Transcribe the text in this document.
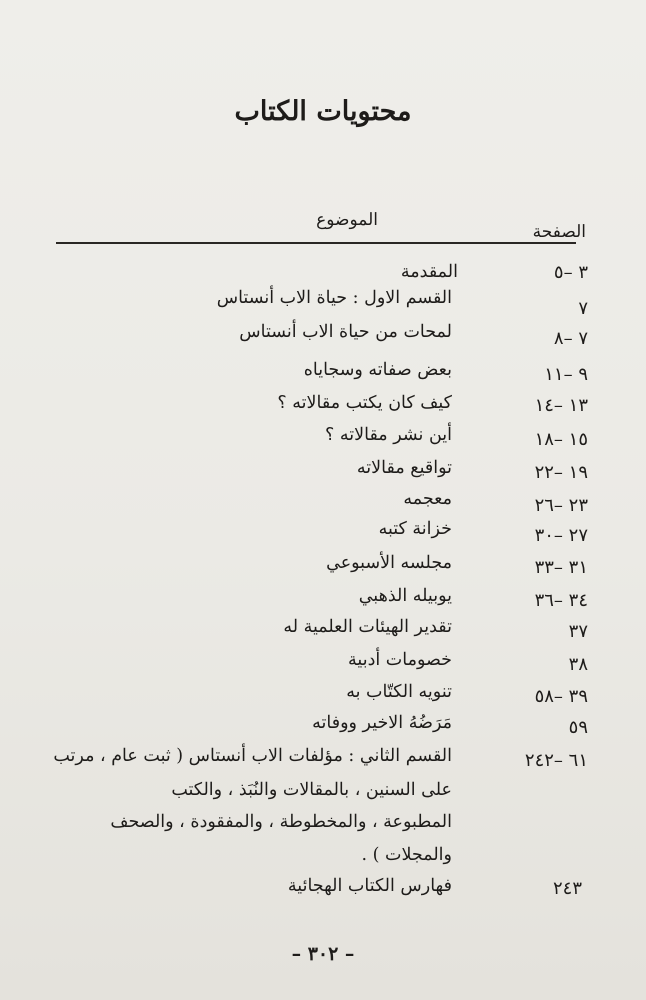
محتويات الكتاب
الصفحة
الموضوع
٣ –٥
المقدمة
٧
القسم الاول : حياة الاب أنستاس
٧ –٨
لمحات من حياة الاب أنستاس
٩ –١١
بعض صفاته وسجاياه
١٣ –١٤
كيف كان يكتب مقالاته ؟
١٥ –١٨
أين نشر مقالاته ؟
١٩ –٢٢
تواقيع مقالاته
٢٣ –٢٦
معجمه
٢٧ –٣٠
خزانة كتبه
٣١ –٣٣
مجلسه الأسبوعي
٣٤ –٣٦
يوبيله الذهبي
٣٧
تقدير الهيئات العلمية له
٣٨
خصومات أدبية
٣٩ –٥٨
تنويه الكتّاب به
٥٩
مَرَضُهُ الاخير ووفاته
٦١ –٢٤٢
القسم الثاني : مؤلفات الاب أنستاس ( ثبت عام ، مرتب
على السنين ، بالمقالات والنُبَذ ، والكتب
المطبوعة ، والمخطوطة ، والمفقودة ، والصحف
والمجلات ) .
٢٤٣
فهارس الكتاب الهجائية
– ٣٠٢ –
